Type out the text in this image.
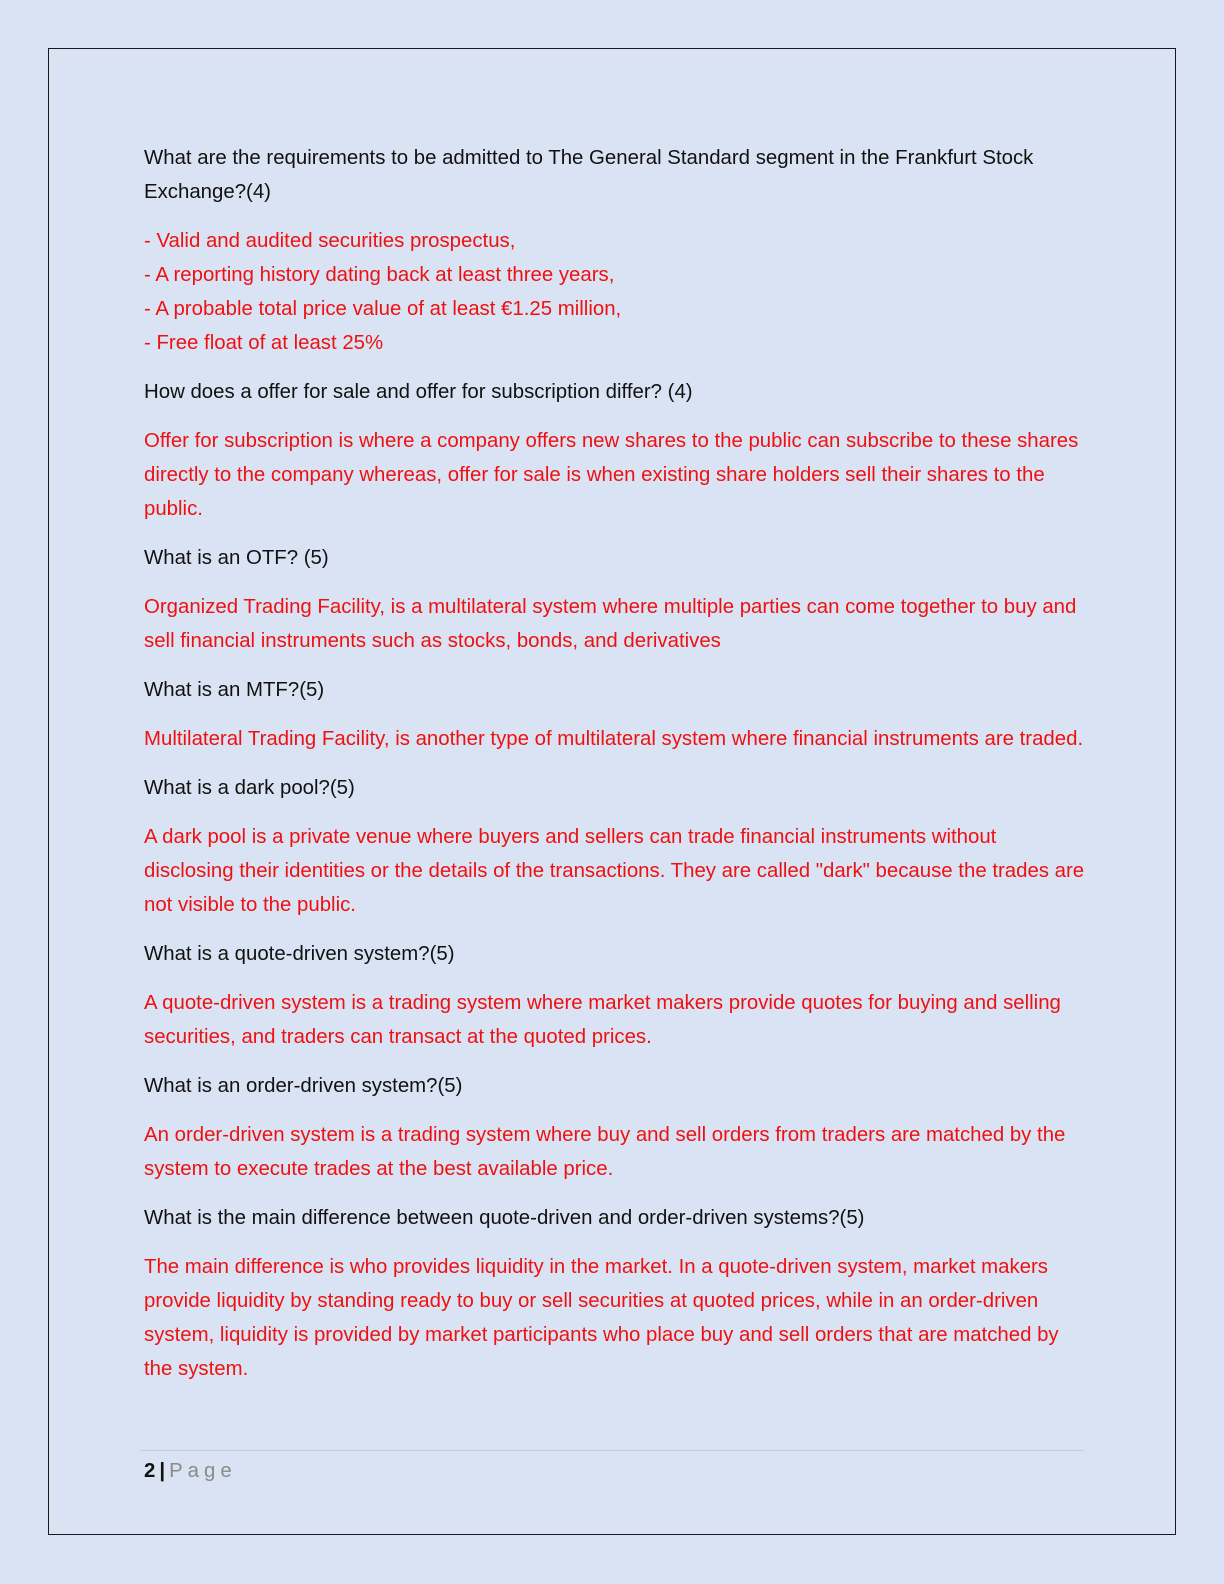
What are the requirements to be admitted to The General Standard segment in the Frankfurt Stock Exchange?(4)

- Valid and audited securities prospectus,
- A reporting history dating back at least three years,
- A probable total price value of at least €1.25 million,
- Free float of at least 25%

How does a offer for sale and offer for subscription differ? (4)

Offer for subscription is where a company offers new shares to the public can subscribe to these shares directly to the company whereas, offer for sale is when existing share holders sell their shares to the public.

What is an OTF? (5)

Organized Trading Facility, is a multilateral system where multiple parties can come together to buy and sell financial instruments such as stocks, bonds, and derivatives

What is an MTF?(5)

Multilateral Trading Facility, is another type of multilateral system where financial instruments are traded.

What is a dark pool?(5)

A dark pool is a private venue where buyers and sellers can trade financial instruments without disclosing their identities or the details of the transactions. They are called "dark" because the trades are not visible to the public.

What is a quote-driven system?(5)

A quote-driven system is a trading system where market makers provide quotes for buying and selling securities, and traders can transact at the quoted prices.

What is an order-driven system?(5)

An order-driven system is a trading system where buy and sell orders from traders are matched by the system to execute trades at the best available price.

What is the main difference between quote-driven and order-driven systems?(5)

The main difference is who provides liquidity in the market. In a quote-driven system, market makers provide liquidity by standing ready to buy or sell securities at quoted prices, while in an order-driven system, liquidity is provided by market participants who place buy and sell orders that are matched by the system.

2 | Page
